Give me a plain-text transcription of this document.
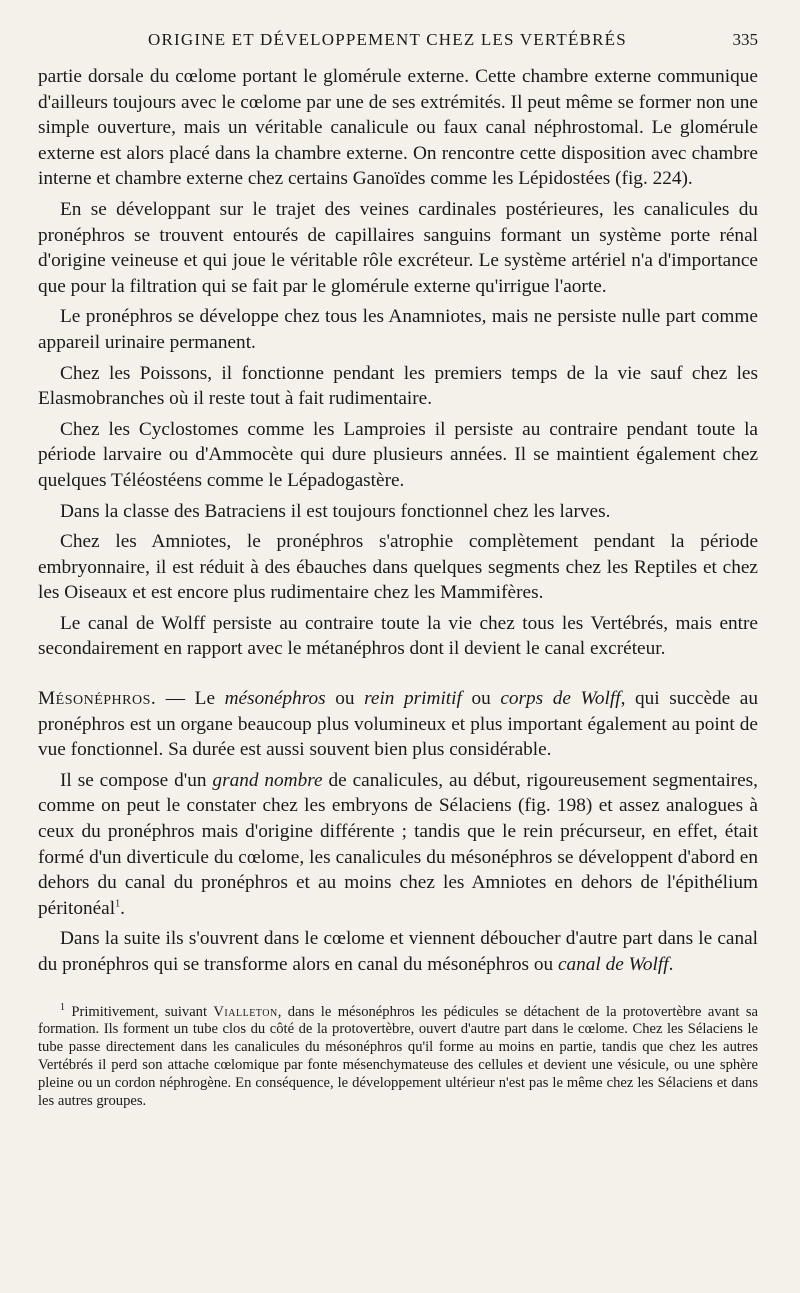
ORIGINE ET DÉVELOPPEMENT CHEZ LES VERTÉBRÉS	335

partie dorsale du cœlome portant le glomérule externe. Cette chambre externe communique d'ailleurs toujours avec le cœlome par une de ses extrémités. Il peut même se former non une simple ouverture, mais un véritable canalicule ou faux canal néphrostomal. Le glomérule externe est alors placé dans la chambre externe. On rencontre cette disposition avec chambre interne et chambre externe chez certains Ganoïdes comme les Lépidostées (fig. 224).

En se développant sur le trajet des veines cardinales postérieures, les canalicules du pronéphros se trouvent entourés de capillaires sanguins formant un système porte rénal d'origine veineuse et qui joue le véritable rôle excréteur. Le système artériel n'a d'importance que pour la filtration qui se fait par le glomérule externe qu'irrigue l'aorte.

Le pronéphros se développe chez tous les Anamniotes, mais ne persiste nulle part comme appareil urinaire permanent.

Chez les Poissons, il fonctionne pendant les premiers temps de la vie sauf chez les Elasmobranches où il reste tout à fait rudimentaire.

Chez les Cyclostomes comme les Lamproies il persiste au contraire pendant toute la période larvaire ou d'Ammocète qui dure plusieurs années. Il se maintient également chez quelques Téléostéens comme le Lépadogastère.

Dans la classe des Batraciens il est toujours fonctionnel chez les larves.

Chez les Amniotes, le pronéphros s'atrophie complètement pendant la période embryonnaire, il est réduit à des ébauches dans quelques segments chez les Reptiles et chez les Oiseaux et est encore plus rudimentaire chez les Mammifères.

Le canal de Wolff persiste au contraire toute la vie chez tous les Vertébrés, mais entre secondairement en rapport avec le métanéphros dont il devient le canal excréteur.

Mésonéphros. — Le mésonéphros ou rein primitif ou corps de Wolff, qui succède au pronéphros est un organe beaucoup plus volumineux et plus important également au point de vue fonctionnel. Sa durée est aussi souvent bien plus considérable.

Il se compose d'un grand nombre de canalicules, au début, rigoureusement segmentaires, comme on peut le constater chez les embryons de Sélaciens (fig. 198) et assez analogues à ceux du pronéphros mais d'origine différente ; tandis que le rein précurseur, en effet, était formé d'un diverticule du cœlome, les canalicules du mésonéphros se développent d'abord en dehors du canal du pronéphros et au moins chez les Amniotes en dehors de l'épithélium péritonéal$^1$.

Dans la suite ils s'ouvrent dans le cœlome et viennent déboucher d'autre part dans le canal du pronéphros qui se transforme alors en canal du mésonéphros ou canal de Wolff.

$^1$ Primitivement, suivant Vialleton, dans le mésonéphros les pédicules se détachent de la protovertèbre avant sa formation. Ils forment un tube clos du côté de la protovertèbre, ouvert d'autre part dans le cœlome. Chez les Sélaciens le tube passe directement dans les canalicules du mésonéphros qu'il forme au moins en partie, tandis que chez les autres Vertébrés il perd son attache cœlomique par fonte mésenchymateuse des cellules et devient une vésicule, ou une sphère pleine ou un cordon néphrogène. En conséquence, le développement ultérieur n'est pas le même chez les Sélaciens et dans les autres groupes.
